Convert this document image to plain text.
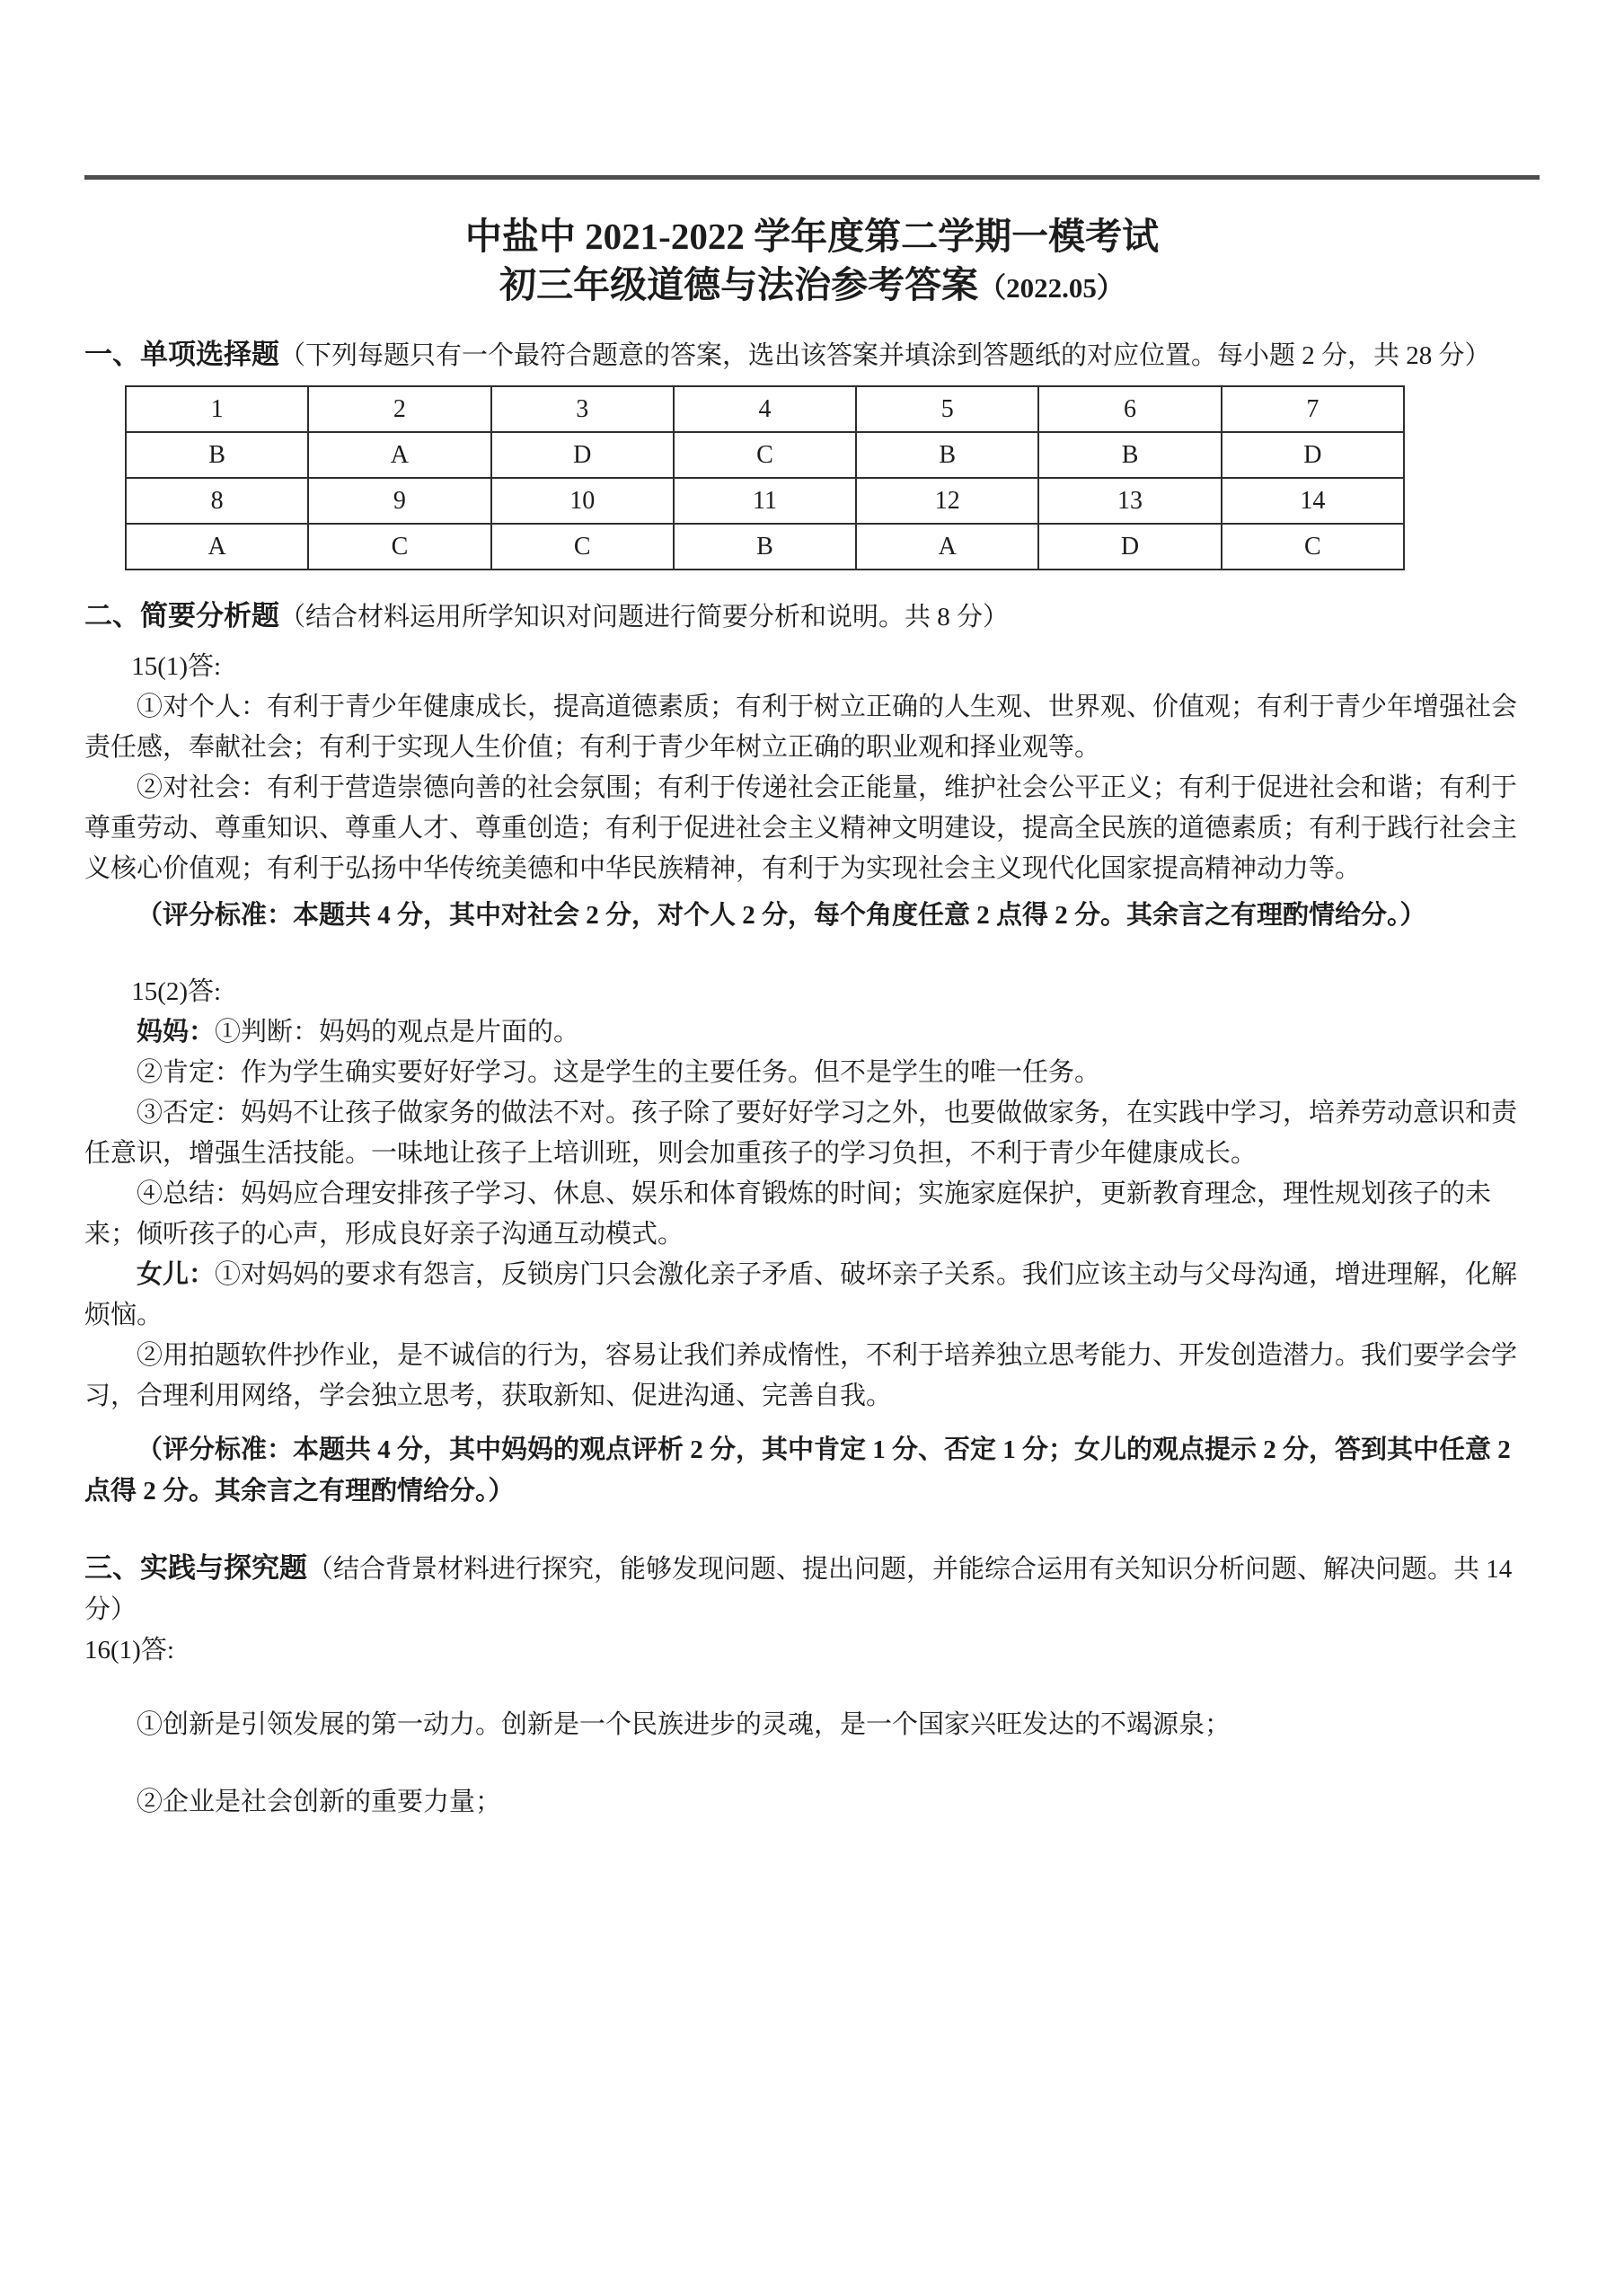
中盐中 2021-2022 学年度第二学期一模考试
初三年级道德与法治参考答案（2022.05）
一、单项选择题（下列每题只有一个最符合题意的答案，选出该答案并填涂到答题纸的对应位置。每小题 2 分，共 28 分）
1	2	3	4	5	6	7
B	A	D	C	B	B	D
8	9	10	11	12	13	14
A	C	C	B	A	D	C
二、简要分析题（结合材料运用所学知识对问题进行简要分析和说明。共 8 分）

15(1)答:

①对个人：有利于青少年健康成长，提高道德素质；有利于树立正确的人生观、世界观、价值观；有利于青少年增强社会责任感，奉献社会；有利于实现人生价值；有利于青少年树立正确的职业观和择业观等。

②对社会：有利于营造崇德向善的社会氛围；有利于传递社会正能量，维护社会公平正义；有利于促进社会和谐；有利于尊重劳动、尊重知识、尊重人才、尊重创造；有利于促进社会主义精神文明建设，提高全民族的道德素质；有利于践行社会主义核心价值观；有利于弘扬中华传统美德和中华民族精神，有利于为实现社会主义现代化国家提高精神动力等。

（评分标准：本题共 4 分，其中对社会 2 分，对个人 2 分，每个角度任意 2 点得 2 分。其余言之有理酌情给分。）

15(2)答:

妈妈：①判断：妈妈的观点是片面的。

②肯定：作为学生确实要好好学习。这是学生的主要任务。但不是学生的唯一任务。

③否定：妈妈不让孩子做家务的做法不对。孩子除了要好好学习之外，也要做做家务，在实践中学习，培养劳动意识和责任意识，增强生活技能。一味地让孩子上培训班，则会加重孩子的学习负担，不利于青少年健康成长。

④总结：妈妈应合理安排孩子学习、休息、娱乐和体育锻炼的时间；实施家庭保护，更新教育理念，理性规划孩子的未来；倾听孩子的心声，形成良好亲子沟通互动模式。

女儿：①对妈妈的要求有怨言，反锁房门只会激化亲子矛盾、破坏亲子关系。我们应该主动与父母沟通，增进理解，化解烦恼。

②用拍题软件抄作业，是不诚信的行为，容易让我们养成惰性，不利于培养独立思考能力、开发创造潜力。我们要学会学习，合理利用网络，学会独立思考，获取新知、促进沟通、完善自我。

（评分标准：本题共 4 分，其中妈妈的观点评析 2 分，其中肯定 1 分、否定 1 分；女儿的观点提示 2 分，答到其中任意 2 点得 2 分。其余言之有理酌情给分。）

三、实践与探究题（结合背景材料进行探究，能够发现问题、提出问题，并能综合运用有关知识分析问题、解决问题。共 14 分）

16(1)答:

①创新是引领发展的第一动力。创新是一个民族进步的灵魂，是一个国家兴旺发达的不竭源泉；

②企业是社会创新的重要力量；
